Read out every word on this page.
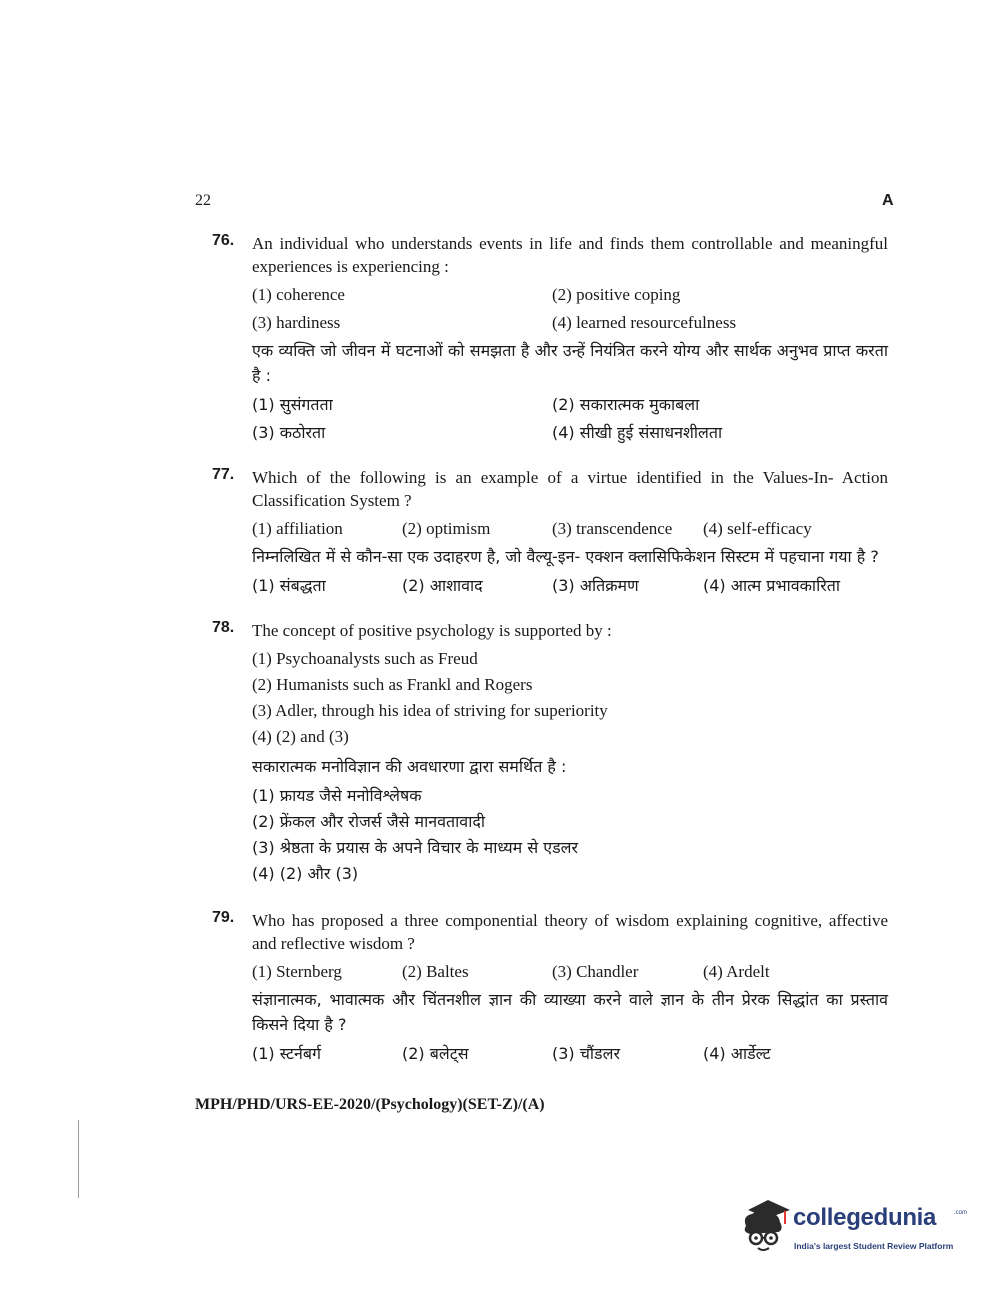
22	A
76. An individual who understands events in life and finds them controllable and meaningful experiences is experiencing :
(1) coherence	(2) positive coping
(3) hardiness	(4) learned resourcefulness
एक व्यक्ति जो जीवन में घटनाओं को समझता है और उन्हें नियंत्रित करने योग्य और सार्थक अनुभव प्राप्त करता है :
(1) सुसंगतता	(2) सकारात्मक मुकाबला
(3) कठोरता	(4) सीखी हुई संसाधनशीलता
77. Which of the following is an example of a virtue identified in the Values-In- Action Classification System ?
(1) affiliation	(2) optimism	(3) transcendence	(4) self-efficacy
निम्नलिखित में से कौन-सा एक उदाहरण है, जो वैल्यू-इन- एक्शन क्लासिफिकेशन सिस्टम में पहचाना गया है ?
(1) संबद्धता	(2) आशावाद	(3) अतिक्रमण	(4) आत्म प्रभावकारिता
78. The concept of positive psychology is supported by :
(1) Psychoanalysts such as Freud
(2) Humanists such as Frankl and Rogers
(3) Adler, through his idea of striving for superiority
(4) (2) and (3)
सकारात्मक मनोविज्ञान की अवधारणा द्वारा समर्थित है :
(1) फ्रायड जैसे मनोविश्लेषक
(2) फ्रेंकल और रोजर्स जैसे मानवतावादी
(3) श्रेष्ठता के प्रयास के अपने विचार के माध्यम से एडलर
(4) (2) और (3)
79. Who has proposed a three componential theory of wisdom explaining cognitive, affective and reflective wisdom ?
(1) Sternberg	(2) Baltes	(3) Chandler	(4) Ardelt
संज्ञानात्मक, भावात्मक और चिंतनशील ज्ञान की व्याख्या करने वाले ज्ञान के तीन प्रेरक सिद्धांत का प्रस्ताव किसने दिया है ?
(1) स्टर्नबर्ग	(2) बलेट्स	(3) चौंडलर	(4) आर्डेल्ट
MPH/PHD/URS-EE-2020/(Psychology)(SET-Z)/(A)
collegedunia	.com
India's largest Student Review Platform
